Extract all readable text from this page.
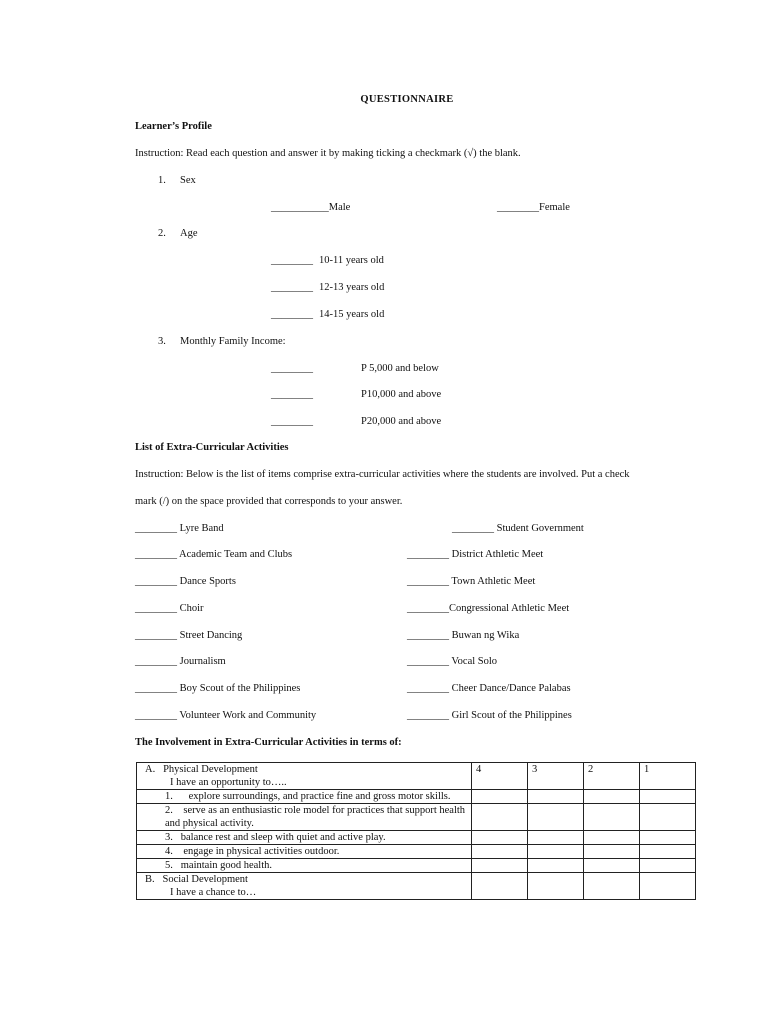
QUESTIONNAIRE
Learner’s Profile
Instruction: Read each question and answer it by making ticking a checkmark (√) the blank.
1. Sex
___________Male	________Female
2. Age
________ 10-11 years old
________ 12-13 years old
________ 14-15 years old
3. Monthly Family Income:
________	P 5,000 and below
________	P10,000 and above
________	P20,000 and above
List of Extra-Curricular Activities
Instruction: Below is the list of items comprise extra-curricular activities where the students are involved. Put a check
mark (/) on the space provided that corresponds to your answer.
________ Lyre Band
________ Academic Team and Clubs
________ Dance Sports
________ Choir
________ Street Dancing
________ Journalism
________ Boy Scout of the Philippines
________ Volunteer Work and Community
________ Student Government
________ District Athletic Meet
________ Town Athletic Meet
________Congressional Athletic Meet
________ Buwan ng Wika
________ Vocal Solo
________ Cheer Dance/Dance Palabas
________ Girl Scout of the Philippines
The Involvement in Extra-Curricular Activities in terms of:
A.   Physical Development
I have an opportunity to…..	4	3	2	1
1. explore surroundings, and practice fine and gross motor skills.				
2. serve as an enthusiastic role model for practices that support health and physical activity.				
3. balance rest and sleep with quiet and active play.				
4. engage in physical activities outdoor.				
5. maintain good health.				

B.   Social Development
I have a chance to…				
